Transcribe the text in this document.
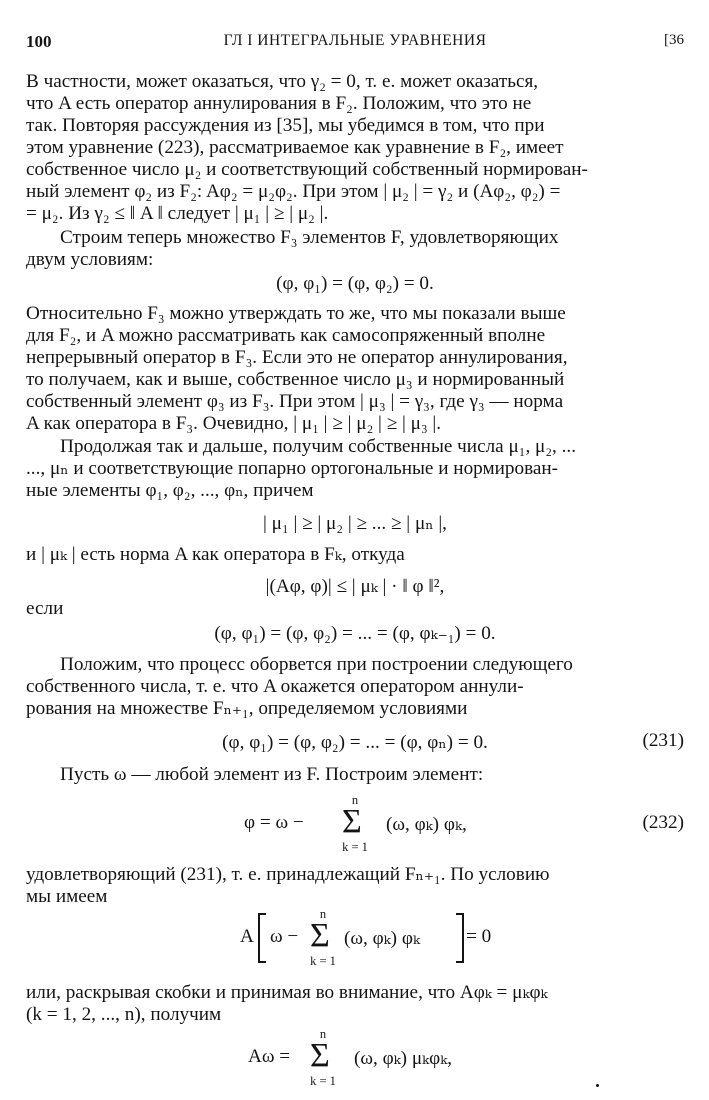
100	ГЛ I ИНТЕГРАЛЬНЫЕ УРАВНЕНИЯ	[36
В частности, может оказаться, что γ₂ = 0, т. е. может оказаться,
что A есть оператор аннулирования в F₂. Положим, что это не
так. Повторяя рассуждения из [35], мы убедимся в том, что при
этом уравнение (223), рассматриваемое как уравнение в F₂, имеет
собственное число μ₂ и соответствующий собственный нормирован-
ный элемент φ₂ из F₂: Aφ₂ = μ₂φ₂. При этом | μ₂ | = γ₂ и (Aφ₂, φ₂) =
= μ₂. Из γ₂ ≤ ‖ A ‖ следует | μ₁ | ≥ | μ₂ |.
Строим теперь множество F₃ элементов F, удовлетворяющих
двум условиям:
(φ, φ₁) = (φ, φ₂) = 0.
Относительно F₃ можно утверждать то же, что мы показали выше
для F₂, и A можно рассматривать как самосопряженный вполне
непрерывный оператор в F₃. Если это не оператор аннулирования,
то получаем, как и выше, собственное число μ₃ и нормированный
собственный элемент φ₃ из F₃. При этом | μ₃ | = γ₃, где γ₃ — норма
A как оператора в F₃. Очевидно, | μ₁ | ≥ | μ₂ | ≥ | μ₃ |.
Продолжая так и дальше, получим собственные числа μ₁, μ₂, ...
..., μₙ и соответствующие попарно ортогональные и нормирован-
ные элементы φ₁, φ₂, ..., φₙ, причем
| μ₁ | ≥ | μ₂ | ≥ ... ≥ | μₙ |,
и | μₖ | есть норма A как оператора в Fₖ, откуда
|(Aφ, φ)| ≤ | μₖ | · ‖ φ ‖²,
если
(φ, φ₁) = (φ, φ₂) = ... = (φ, φₖ₋₁) = 0.
Положим, что процесс оборвется при построении следующего
собственного числа, т. е. что A окажется оператором аннули-
рования на множестве Fₙ₊₁, определяемом условиями
(φ, φ₁) = (φ, φ₂) = ... = (φ, φₙ) = 0.	(231)
Пусть ω — любой элемент из F. Построим элемент:
φ = ω −
n
Σ
k = 1
(ω, φₖ) φₖ,	(232)
удовлетворяющий (231), т. е. принадлежащий Fₙ₊₁. По условию
мы имеем
A ω −
n
Σ
k = 1
(ω, φₖ) φₖ = 0
или, раскрывая скобки и принимая во внимание, что Aφₖ = μₖφₖ
(k = 1, 2, ..., n), получим
Aω =
n
Σ
k = 1
(ω, φₖ) μₖφₖ,
